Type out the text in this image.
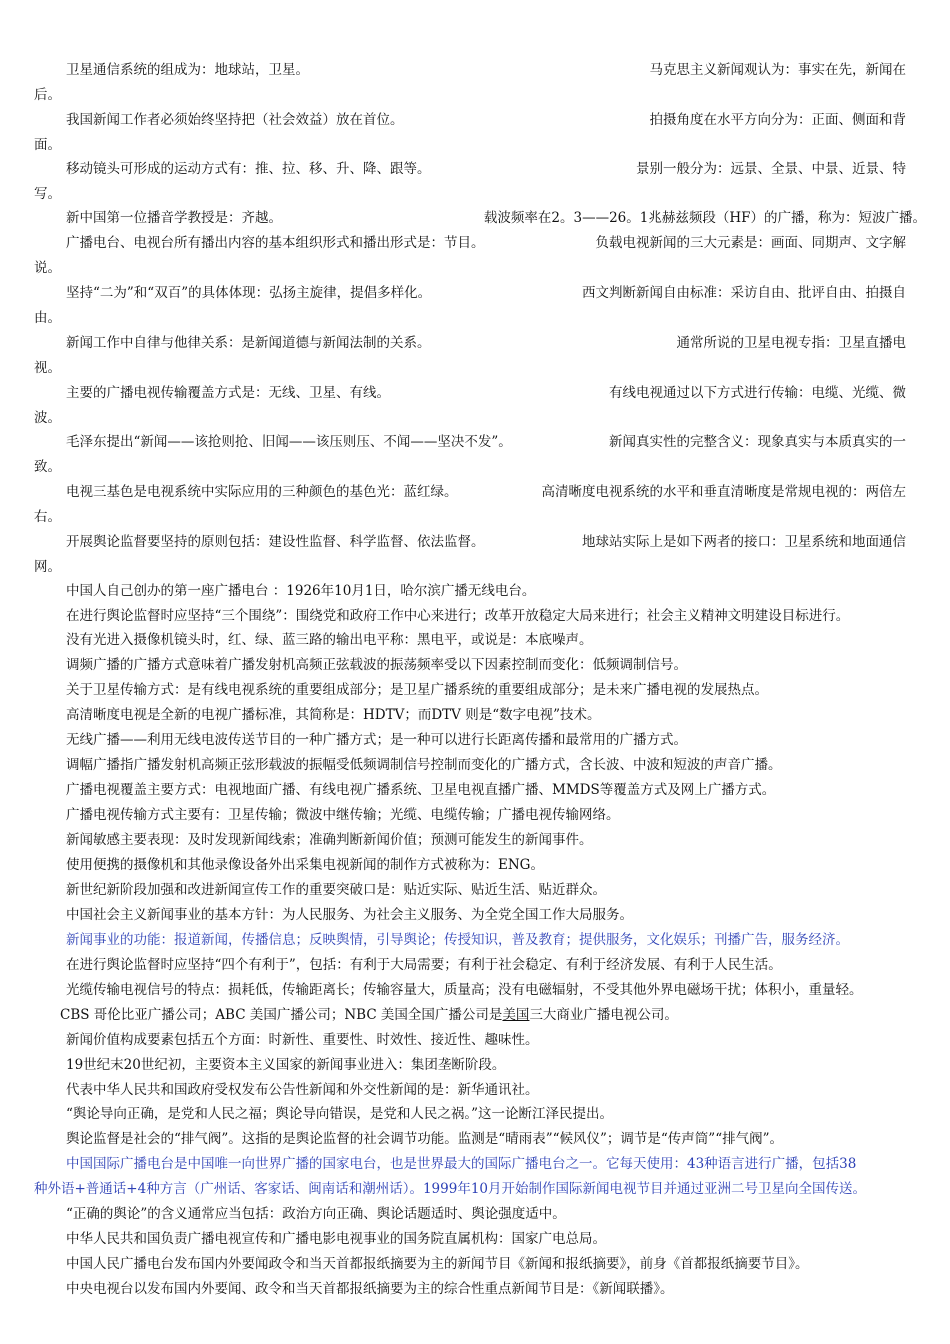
卫星通信系统的组成为：地球站，卫星。	马克思主义新闻观认为：事实在先，新闻在
后。
我国新闻工作者必须始终坚持把（社会效益）放在首位。	拍摄角度在水平方向分为：正面、侧面和背
面。
移动镜头可形成的运动方式有：推、拉、移、升、降、跟等。	景别一般分为：远景、全景、中景、近景、特
写。
新中国第一位播音学教授是：齐越。	载波频率在2。3——26。1兆赫兹频段（HF）的广播，称为：短波广播。
广播电台、电视台所有播出内容的基本组织形式和播出形式是：节目。	负载电视新闻的三大元素是：画面、同期声、文字解
说。
坚持“二为”和“双百”的具体体现：弘扬主旋律，提倡多样化。	西文判断新闻自由标准：采访自由、批评自由、拍摄自
由。
新闻工作中自律与他律关系：是新闻道德与新闻法制的关系。	通常所说的卫星电视专指：卫星直播电
视。
主要的广播电视传输覆盖方式是：无线、卫星、有线。	有线电视通过以下方式进行传输：电缆、光缆、微
波。
毛泽东提出“新闻——该抢则抢、旧闻——该压则压、不闻——坚决不发”。	新闻真实性的完整含义：现象真实与本质真实的一
致。
电视三基色是电视系统中实际应用的三种颜色的基色光：蓝红绿。	高清晰度电视系统的水平和垂直清晰度是常规电视的：两倍左
右。
开展舆论监督要坚持的原则包括：建设性监督、科学监督、依法监督。	地球站实际上是如下两者的接口：卫星系统和地面通信
网。
中国人自己创办的第一座广播电台 ：1926年10月1日，哈尔滨广播无线电台。
在进行舆论监督时应坚持“三个围绕”：围绕党和政府工作中心来进行；改革开放稳定大局来进行；社会主义精神文明建设目标进行。
没有光进入摄像机镜头时，红、绿、蓝三路的输出电平称：黑电平，或说是：本底噪声。
调频广播的广播方式意味着广播发射机高频正弦载波的振荡频率受以下因素控制而变化：低频调制信号。
关于卫星传输方式：是有线电视系统的重要组成部分；是卫星广播系统的重要组成部分；是未来广播电视的发展热点。
高清晰度电视是全新的电视广播标准，其简称是：HDTV；而DTV 则是“数字电视”技术。
无线广播——利用无线电波传送节目的一种广播方式；是一种可以进行长距离传播和最常用的广播方式。
调幅广播指广播发射机高频正弦形载波的振幅受低频调制信号控制而变化的广播方式，含长波、中波和短波的声音广播。
广播电视覆盖主要方式：电视地面广播、有线电视广播系统、卫星电视直播广播、MMDS等覆盖方式及网上广播方式。
广播电视传输方式主要有：卫星传输；微波中继传输；光缆、电缆传输；广播电视传输网络。
新闻敏感主要表现：及时发现新闻线索；准确判断新闻价值；预测可能发生的新闻事件。
使用便携的摄像机和其他录像设备外出采集电视新闻的制作方式被称为：ENG。
新世纪新阶段加强和改进新闻宣传工作的重要突破口是：贴近实际、贴近生活、贴近群众。
中国社会主义新闻事业的基本方针：为人民服务、为社会主义服务、为全党全国工作大局服务。
新闻事业的功能：报道新闻，传播信息；反映舆情，引导舆论；传授知识，普及教育；提供服务，文化娱乐；刊播广告，服务经济。
在进行舆论监督时应坚持“四个有利于”，包括：有利于大局需要；有利于社会稳定、有利于经济发展、有利于人民生活。
光缆传输电视信号的特点：损耗低，传输距离长；传输容量大，质量高；没有电磁辐射，不受其他外界电磁场干扰；体积小，重量轻。
CBS 哥伦比亚广播公司；ABC 美国广播公司；NBC 美国全国广播公司是美国三大商业广播电视公司。
新闻价值构成要素包括五个方面：时新性、重要性、时效性、接近性、趣味性。
19世纪末20世纪初，主要资本主义国家的新闻事业进入：集团垄断阶段。
代表中华人民共和国政府受权发布公告性新闻和外交性新闻的是：新华通讯社。
“舆论导向正确，是党和人民之福；舆论导向错误，是党和人民之祸。”这一论断江泽民提出。
舆论监督是社会的“排气阀”。这指的是舆论监督的社会调节功能。监测是“晴雨表”“候风仪”；调节是“传声筒”“排气阀”。
中国国际广播电台是中国唯一向世界广播的国家电台，也是世界最大的国际广播电台之一。它每天使用：43种语言进行广播，包括38
种外语+普通话+4种方言（广州话、客家话、闽南话和潮州话）。1999年10月开始制作国际新闻电视节目并通过亚洲二号卫星向全国传送。
“正确的舆论”的含义通常应当包括：政治方向正确、舆论话题适时、舆论强度适中。
中华人民共和国负责广播电视宣传和广播电影电视事业的国务院直属机构：国家广电总局。
中国人民广播电台发布国内外要闻政令和当天首都报纸摘要为主的新闻节目《新闻和报纸摘要》，前身《首都报纸摘要节目》。
中央电视台以发布国内外要闻、政令和当天首都报纸摘要为主的综合性重点新闻节目是：《新闻联播》。
